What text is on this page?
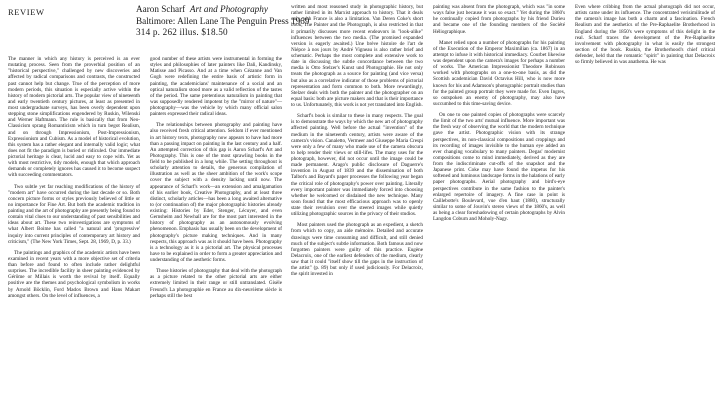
REVIEW	Aaron Scharf Art and Photography
Baltimore: Allen Lane The Penguin Press 1969
314 p. 262 illus. $18.50

The manner in which any history is perceived is an ever mutating process. Seen from the proverbial position of an "historical perspective," challenged by new discoveries and affected by radical comparisons and contrasts, the constructed past cannot help but change. True of the perception of more modern periods, this situation is especially active within the history of modern pictorial arts. The popular view of nineteenth and early twentieth century pictures, at least as presented in most undergraduate surveys, has been overly dependent upon stepping stone simplifications engendered by Ruskin, Wilenski and Werner Haftmann. The rule is basically that from Neo-Classicism sprang Romanticism which in turn begot Realism, and on through Impressionism, Post-Impressionism, Expressionism and Cubism. As a model of historical evolution, this system has a rather elegant and internally valid logic; what does not fit the paradigm is buried or ridiculed. Our immediate pictorial heritage is clear, lucid and easy to cope with. Yet as with most restrictive, tidy models, enough that which approach demands or completely ignores has caused it to become suspect with succeeding commentators.

Two subtle yet far reaching modifications of the history of "modern art" have occurred during the last decade or so. Both concern picture forms or styles previously believed of little or no importance for Fine Art. But both the academic tradition in painting and the art of photography are presently being found to contain vital clues to our understanding of past sensibilities and ideas about art. These two reinvestigations are symptoms of what Albert Boime has called "a natural and 'progressive' inquiry into current principles of contemporary art history and criticism," (The New York Times, Sept. 28, 1969, D, p. 33.)

The paintings and graphics of the academic artists have been examined in recent years with a more objective set of criteria than before and found to often include rather delightful surprises. The incredible facility in sheer painting evidenced by Gérôme or Millais is worth the revival by itself. Equally positive are the themes and psychological symbolism in works by Arnold Böcklin, Ford Madox Brown and Hans Makart amongst others. On the level of influences, a

good number of these artists were instrumental in forming the styles and philosophies of later painters like Dali, Kandinsky, Matisse and Picasso. And at a time when Cézanne and Van Gogh were redefining the entire basis of artistic form in painting, the academicians' maintenance of a social and an optical naturalism stood more as a valid reflection of the tastes of the period. The same pretentious naturalism in painting that was supposedly rendered impotent by the "mirror of nature"—photography—was the vehicle by which many official salon painters expressed their radical ideas.

The relationships between photography and painting have also received fresh critical attention. Seldom if ever mentioned in art history texts, photography now appears to have had more than a passing impact on painting in the last century and a half. An attempted correction of this gap is Aaron Scharf's Art and Photography. This is one of the most sprawling books in the field to be published in a long while. The setting throughout is scholarly attention to details, the generous compilation of illustration as well as the sheer ambition of the work's scope cover the subject with a density lacking until now. The appearance of Scharf's work—an extension and amalgamation of his earlier book, Creative Photography, and at least three distinct, scholarly articles—has been a long awaited alternative to (or continuation of) the major photographic histories already existing: Histories by Eder, Stenger, Lécuyer, and even Gernsheim and Newhall are for the most part interested in the history of photography as an autonomously evolving phenomenon. Emphasis has usually been on the development of photography's picture making techniques. And in many respects, this approach was as it should have been. Photography is a technology as it is a pictorial art. The physical processes have to be explained in order to form a greater appreciation and understanding of the aesthetic forms.

Those histories of photography that deal with the photograph as a picture related to the other pictorial arts are either extremely limited in their range or still untranslated. Gisèle Freund's La photographie en France au dix-neuvième siècle is perhaps still the best

written and most reasoned study in photographic history, but rather limited in its Marxist approach to history. That it deals only with France is also a limitation. Van Deren Coke's short book, The Painter and the Photograph, is also restricted in that it primarily discusses more recent endeavors in "look-alike" influences between the two media. (The promised expanded version is eagerly awaited.) Une brève histoire de l'art de Niépce à nos jours by André Vigneau is also rather brief and schematic. Perhaps the most complete and extensive work to date in discussing the subtle concordance between the two media is Otto Stelzer's Kunst und Photographie. He not only treats the photograph as a source for painting (and vice versa) but also as a correlative indicator of those problems of pictorial representation and form common to both. More rewardingly, Stelzer deals with both the painter and the photographer on an equal basis: both are picture makers and that is their importance to us. Unfortunately, this work is not yet translated into English.

Scharf's book is similar to these in many respects. The goal is to demonstrate the ways by which the new art of photography affected painting. Well before the actual "invention" of the medium in the nineteenth century, artists were aware of the camera's vision. Canaletto, Vermeer and Giuseppe Maria Crespi were only a few of many who made use of the camera obscura to help render their views or still-lifes. The many uses for the photograph, however, did not occur until the image could be made permanent. Arago's public disclosure of Daguerre's invention in August of 1839 and the dissemination of both Talbot's and Bayard's paper processes the following year began the critical role of photography's power over painting. Literally every important painter was immediately forced into choosing whether he welcomed or disdained the new technique. Many soon found that the most efficacious approach was to openly state their revulsion over the steered images while quietly utilizing photographic sources in the privacy of their studios.

Most painters used the photograph as an expedient, a sketch from which to copy, an aide mémoire. Detailed and accurate drawings were time consuming and difficult, and still denied much of the subject's subtle information. Both famous and now forgotten painters were guilty of this practice. Eugène Delacroix, one of the earliest defenders of the medium, clearly saw that it could "itself show till the gaps in the instruction of the artist" (p. 89) but only if used judiciously. For Delacroix, the spirit invested in

painting was absent from the photograph, which was "in some ways false just because it was so exact." Yet during the 1860's he continually copied from photographs by his friend Durieu and became one of the founding members of the Société Héliographique.

Manet relied upon a number of photographs for his painting of the Execution of the Emperor Maximilian (ca. 1867) in an attempt to infuse it with historical immediacy. Courbet likewise was dependent upon the camera's images for perhaps a number of works. The American Impressionist Theodore Robinson worked with photographs on a one-to-one basis, as did the Scottish academician David Octavius Hill, who is now more known for his and Adamson's photographic portrait studies than for the painted group portrait they were made for. Even Ingres, so outspoken an enemy of photography, may also have succumbed to this time-saving device.

On one to one painted copies of photographs were scarcely the limit of the two arts' mutual influence. More important was the fresh way of observing the world that the modern technique gave the artist. Photographic vision with its strange perspectives, its non-classical compositions and croppings and its recording of images invisible to the human eye added an ever changing vocabulary to many painters. Degas' modernist compositions come to mind immediately, derived as they are from the indiscriminate cut-offs of the snapshot and the Japanese print. Coke may have found the impetus for his softened and luminous landscape forms in the halations of early paper photographs. Aerial photography and bird's-eye perspectives contribute in the same fashion to the painter's enlarged repertoire of imagery. A fine case in point is Caillebotte's Boulevard, vue d'en haut (1880), structurally similar to some of Jouvin's stereo views of the 1860's, as well as being a clear foreshadowing of certain photographs by Alvin Langdon Coburn and Moholy-Nagy.

Even where cribbing from the actual photograph did not occur, artists came under its influence. The concentrated verisimilitude of the camera's image has both a charm and a fascination. French Realism and the aesthetics of the Pre-Raphaelite Brotherhood in England during the 1850's were symptoms of this delight in the real. Scharf traces the development of the Pre-Raphaelite involvement with photography in what is easily the strongest section of the book. Ruskin, the Brotherhood's chief critical defender, held that the romantic "spirit" in painting that Delacroix so firmly believed in was anathema. He was
